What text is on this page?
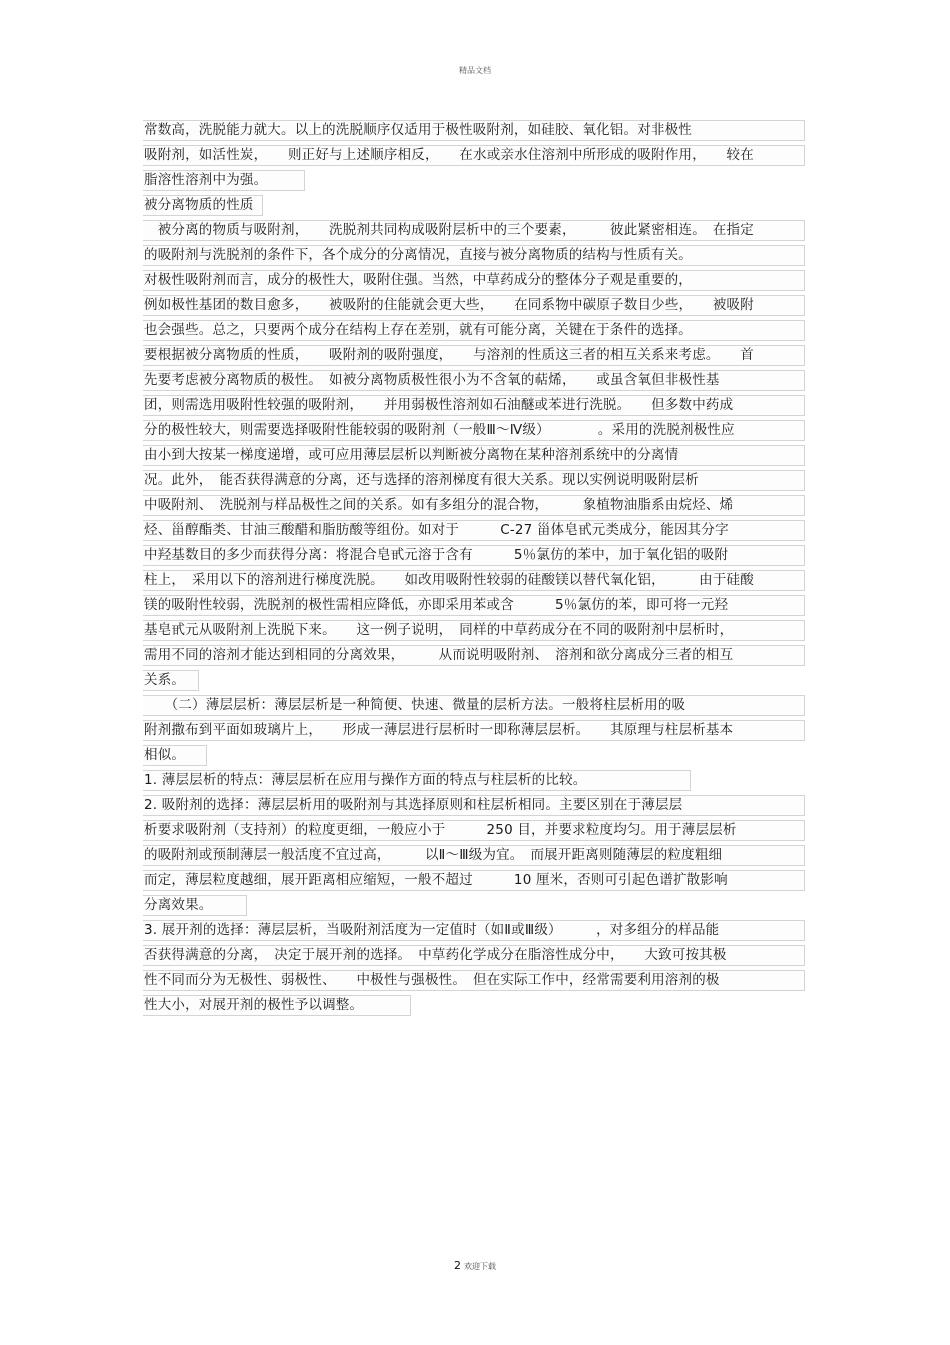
精品文档
常数高，洗脱能力就大。以上的洗脱顺序仅适用于极性吸附剂，如硅胶、氧化铝。对非极性
吸附剂，如活性炭，　　则正好与上述顺序相反，　　在水或亲水住溶剂中所形成的吸附作用，　　较在
脂溶性溶剂中为强。
被分离物质的性质
　被分离的物质与吸附剂，　　洗脱剂共同构成吸附层析中的三个要素，　　　彼此紧密相连。　在指定
的吸附剂与洗脱剂的条件下，各个成分的分离情况，直接与被分离物质的结构与性质有关。
对极性吸附剂而言，成分的极性大，吸附住强。当然，中草药成分的整体分子观是重要的，
例如极性基团的数目愈多，　　被吸附的住能就会更大些，　　在同系物中碳原子数目少些，　　被吸附
也会强些。总之，只要两个成分在结构上存在差别，就有可能分离，关键在于条件的选择。
要根据被分离物质的性质，　　吸附剂的吸附强度，　　与溶剂的性质这三者的相互关系来考虑。　　首
先要考虑被分离物质的极性。　如被分离物质极性很小为不含氧的萜烯，　　或虽含氧但非极性基
团，则需选用吸附性较强的吸附剂，　　并用弱极性溶剂如石油醚或苯进行洗脱。　　但多数中药成
分的极性较大，则需要选择吸附性能较弱的吸附剂（一般Ⅲ～Ⅳ级）　　　　。采用的洗脱剂极性应
由小到大按某一梯度递增，或可应用薄层层析以判断被分离物在某种溶剂系统中的分离情
况。此外，　能否获得满意的分离，还与选择的溶剂梯度有很大关系。现以实例说明吸附层析
中吸附剂、　洗脱剂与样品极性之间的关系。如有多组分的混合物，　　　象植物油脂系由烷烃、烯
烃、甾醇酯类、甘油三酸醋和脂肪酸等组份。如对于　　　C-27 甾体皂甙元类成分，能因其分字
中羟基数目的多少而获得分离：将混合皂甙元溶于含有　　　5％氯仿的苯中，加于氧化铝的吸附
柱上，　采用以下的溶剂进行梯度洗脱。　　如改用吸附性较弱的硅酸镁以替代氧化铝，　　　由于硅酸
镁的吸附性较弱，洗脱剂的极性需相应降低，亦即采用苯或含　　　5％氯仿的苯，即可将一元羟
基皂甙元从吸附剂上洗脱下来。　　这一例子说明，　同样的中草药成分在不同的吸附剂中层析时，
需用不同的溶剂才能达到相同的分离效果，　　　从而说明吸附剂、　溶剂和欲分离成分三者的相互
关系。
　　（二）薄层层析：薄层层析是一种简便、快速、微量的层析方法。一般将柱层析用的吸
附剂撒布到平面如玻璃片上，　　形成一薄层进行层析时一即称薄层层析。　　其原理与柱层析基本
相似。
1. 薄层层析的特点：薄层层析在应用与操作方面的特点与柱层析的比较。
2. 吸附剂的选择：薄层层析用的吸附剂与其选择原则和柱层析相同。主要区别在于薄层层
析要求吸附剂（支持剂）的粒度更细，一般应小于　　　250 目，并要求粒度均匀。用于薄层层析
的吸附剂或预制薄层一般活度不宜过高，　　　以Ⅱ～Ⅲ级为宜。　而展开距离则随薄层的粒度粗细
而定，薄层粒度越细，展开距离相应缩短，一般不超过　　　10 厘米，否则可引起色谱扩散影响
分离效果。
3. 展开剂的选择：薄层层析，当吸附剂活度为一定值时（如Ⅱ或Ⅲ级）　　　，对多组分的样品能
否获得满意的分离，　决定于展开剂的选择。　中草药化学成分在脂溶性成分中，　　大致可按其极
性不同而分为无极性、弱极性、　　中极性与强极性。　但在实际工作中，经常需要利用溶剂的极
性大小，对展开剂的极性予以调整。
2 欢迎下载
